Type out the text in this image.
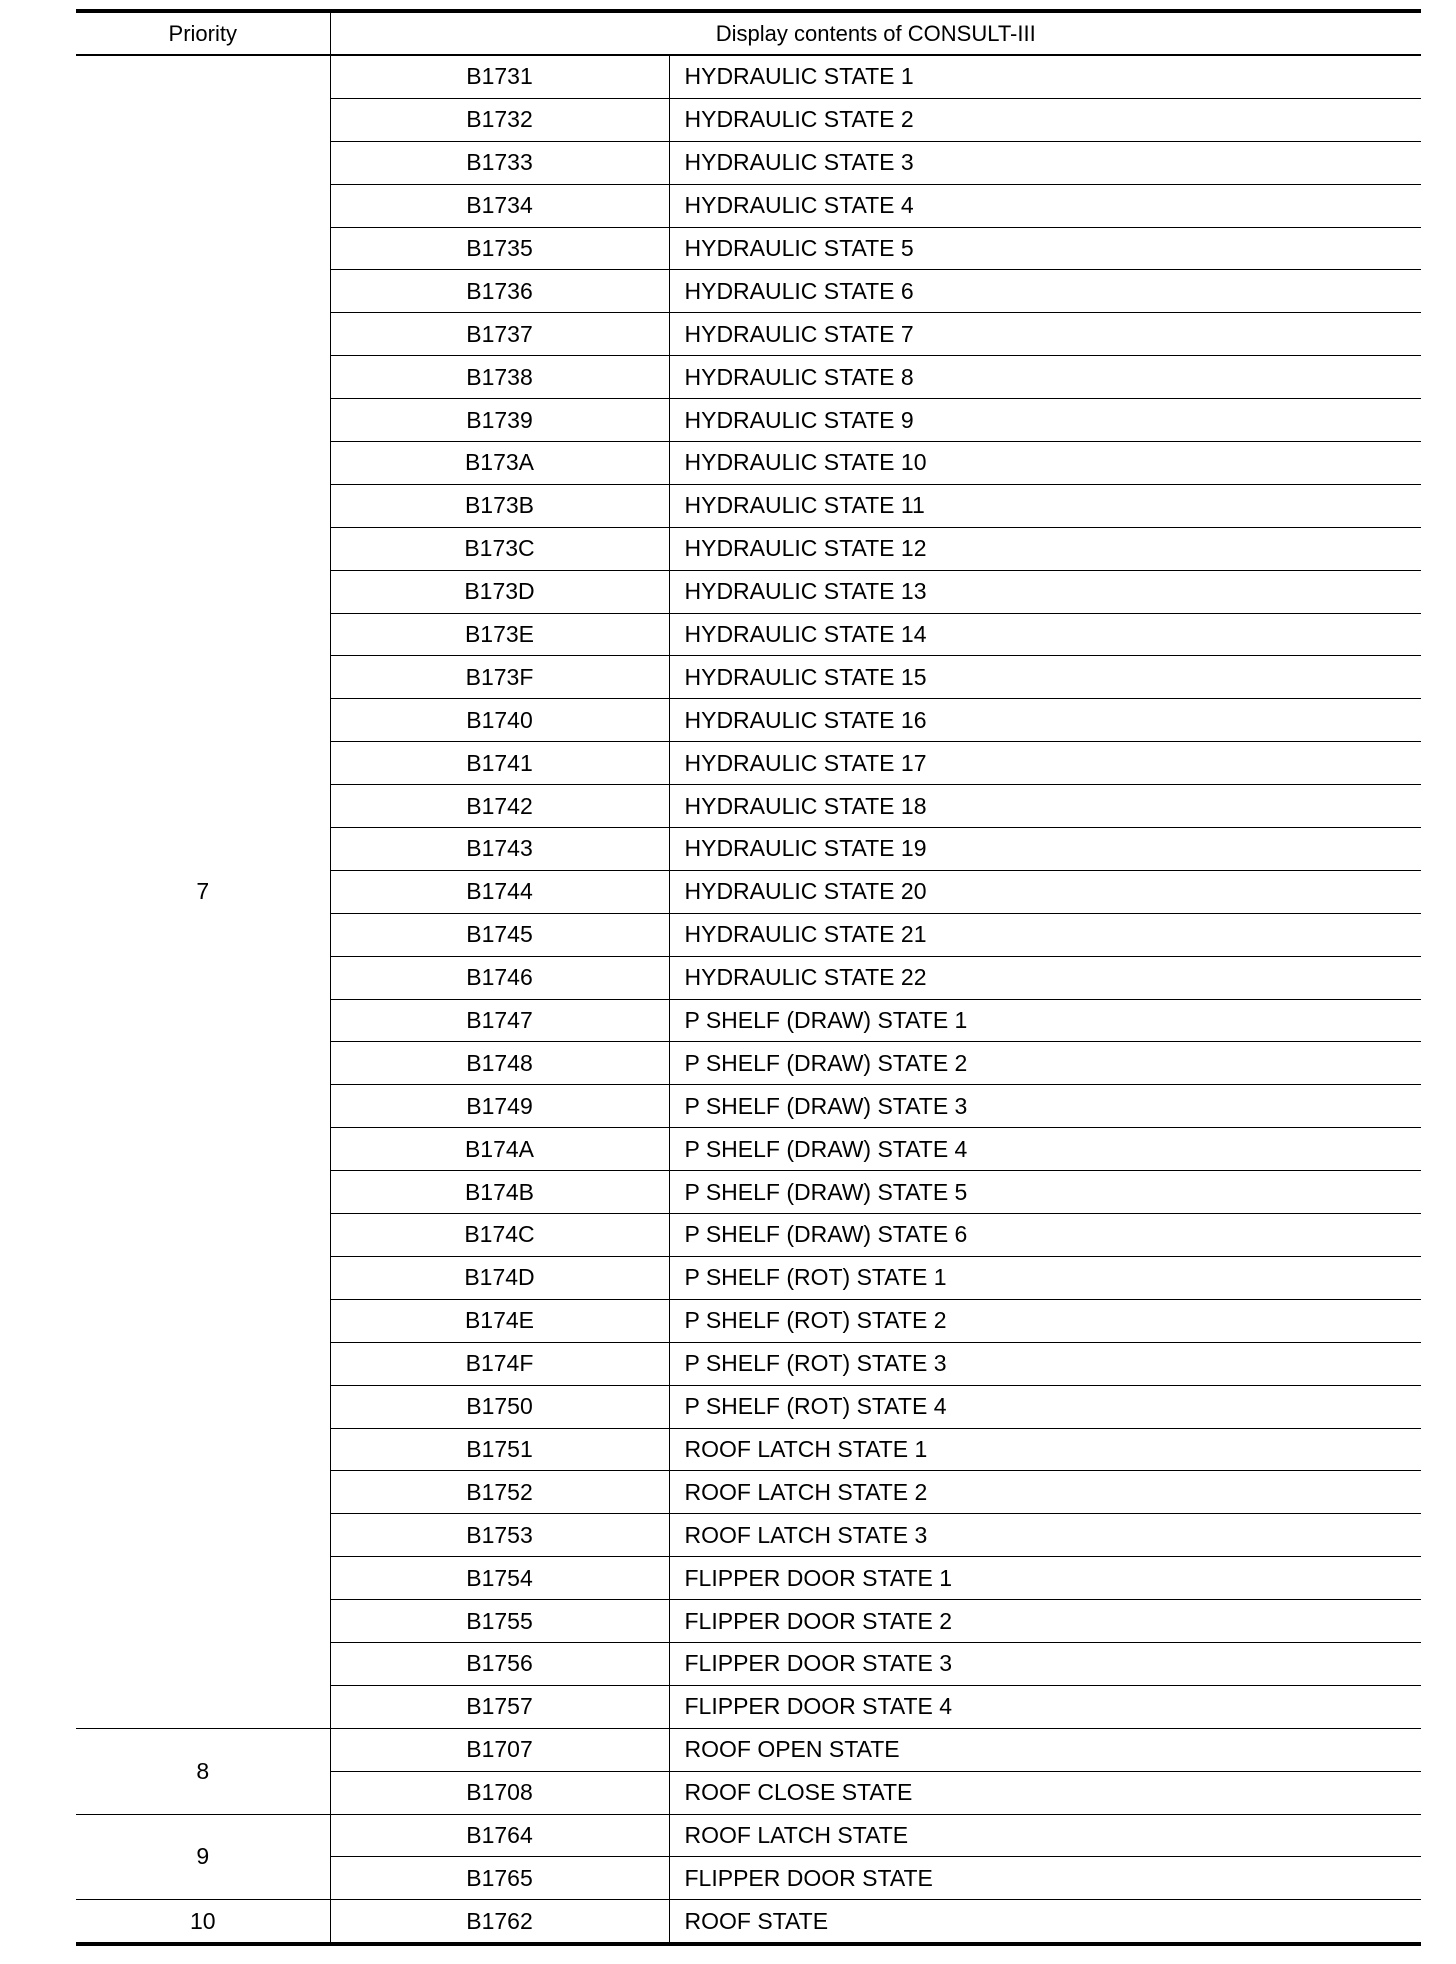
Priority	Display contents of CONSULT-III	
7	B1731	HYDRAULIC STATE 1
	B1732	HYDRAULIC STATE 2
	B1733	HYDRAULIC STATE 3
	B1734	HYDRAULIC STATE 4
	B1735	HYDRAULIC STATE 5
	B1736	HYDRAULIC STATE 6
	B1737	HYDRAULIC STATE 7
	B1738	HYDRAULIC STATE 8
	B1739	HYDRAULIC STATE 9
	B173A	HYDRAULIC STATE 10
	B173B	HYDRAULIC STATE 11
	B173C	HYDRAULIC STATE 12
	B173D	HYDRAULIC STATE 13
	B173E	HYDRAULIC STATE 14
	B173F	HYDRAULIC STATE 15
	B1740	HYDRAULIC STATE 16
	B1741	HYDRAULIC STATE 17
	B1742	HYDRAULIC STATE 18
	B1743	HYDRAULIC STATE 19
	B1744	HYDRAULIC STATE 20
	B1745	HYDRAULIC STATE 21
	B1746	HYDRAULIC STATE 22
	B1747	P SHELF (DRAW) STATE 1
	B1748	P SHELF (DRAW) STATE 2
	B1749	P SHELF (DRAW) STATE 3
	B174A	P SHELF (DRAW) STATE 4
	B174B	P SHELF (DRAW) STATE 5
	B174C	P SHELF (DRAW) STATE 6
	B174D	P SHELF (ROT) STATE 1
	B174E	P SHELF (ROT) STATE 2
	B174F	P SHELF (ROT) STATE 3
	B1750	P SHELF (ROT) STATE 4
	B1751	ROOF LATCH STATE 1
	B1752	ROOF LATCH STATE 2
	B1753	ROOF LATCH STATE 3
	B1754	FLIPPER DOOR STATE 1
	B1755	FLIPPER DOOR STATE 2
	B1756	FLIPPER DOOR STATE 3
	B1757	FLIPPER DOOR STATE 4
8	B1707	ROOF OPEN STATE
	B1708	ROOF CLOSE STATE
9	B1764	ROOF LATCH STATE
	B1765	FLIPPER DOOR STATE
10	B1762	ROOF STATE
